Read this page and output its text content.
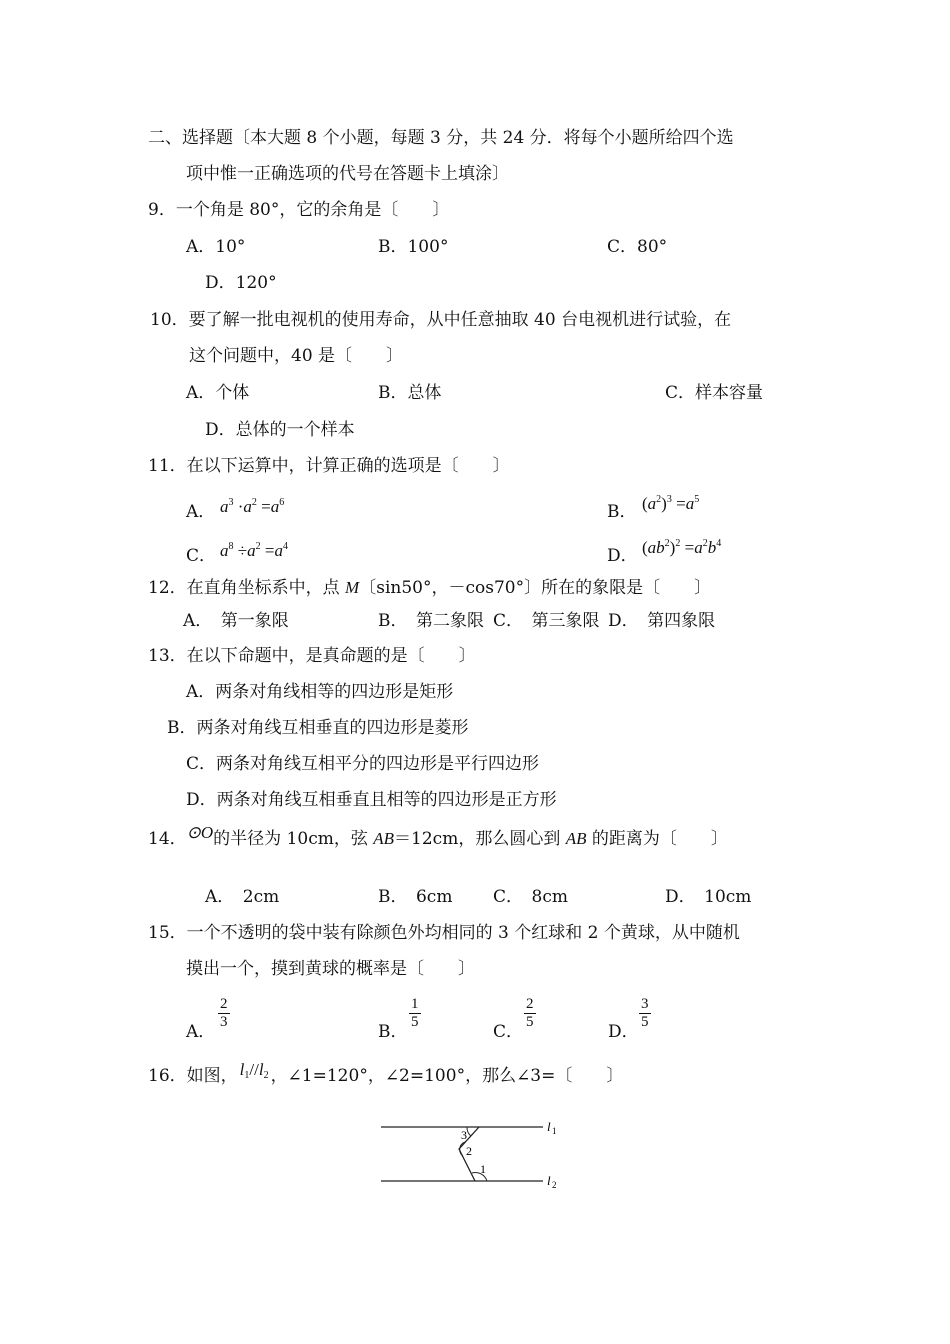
二、选择题〔本大题 8 个小题，每题 3 分，共 24 分．将每个小题所给四个选
项中惟一正确选项的代号在答题卡上填涂〕
9．一个角是 80°，它的余角是〔　　〕
A．10°	B．100°	C．80°
D．120°
10．要了解一批电视机的使用寿命，从中任意抽取 40 台电视机进行试验，在
这个问题中，40 是〔　　〕
A．个体	B．总体	C．样本容量
D．总体的一个样本
11．在以下运算中，计算正确的选项是〔　　〕
A． $a^3 \cdot a^2 =a^6$	B． $(a^2)^3 =a^5$
C． $a^8 \div a^2 =a^4$	D． $(ab^2)^2 =a^2b^4$
12．在直角坐标系中，点 M〔sin50°，－cos70°〕所在的象限是〔　　〕
A．　第一象限	B．　第二象限 C．　第三象限 D．　第四象限
13．在以下命题中，是真命题的是〔　　〕
A．两条对角线相等的四边形是矩形
B．两条对角线互相垂直的四边形是菱形
C．两条对角线互相平分的四边形是平行四边形
D．两条对角线互相垂直且相等的四边形是正方形
14．⊙O的半径为 10cm，弦 AB＝12cm，那么圆心到 AB 的距离为〔　　〕
A．　2cm	B．　6cm C．　8cm	D．　10cm
15．一个不透明的袋中装有除颜色外均相同的 3 个红球和 2 个黄球，从中随机
摸出一个，摸到黄球的概率是〔　　〕
A．
$\frac{2}{3}$
B．
$\frac{1}{5}$
C．
$\frac{2}{5}$
D．
$\frac{3}{5}$
16．如图， $l_1//l_2$ ，∠1=120°，∠2=100°，那么∠3=〔　　〕
3
2
1
l 1
l 2
